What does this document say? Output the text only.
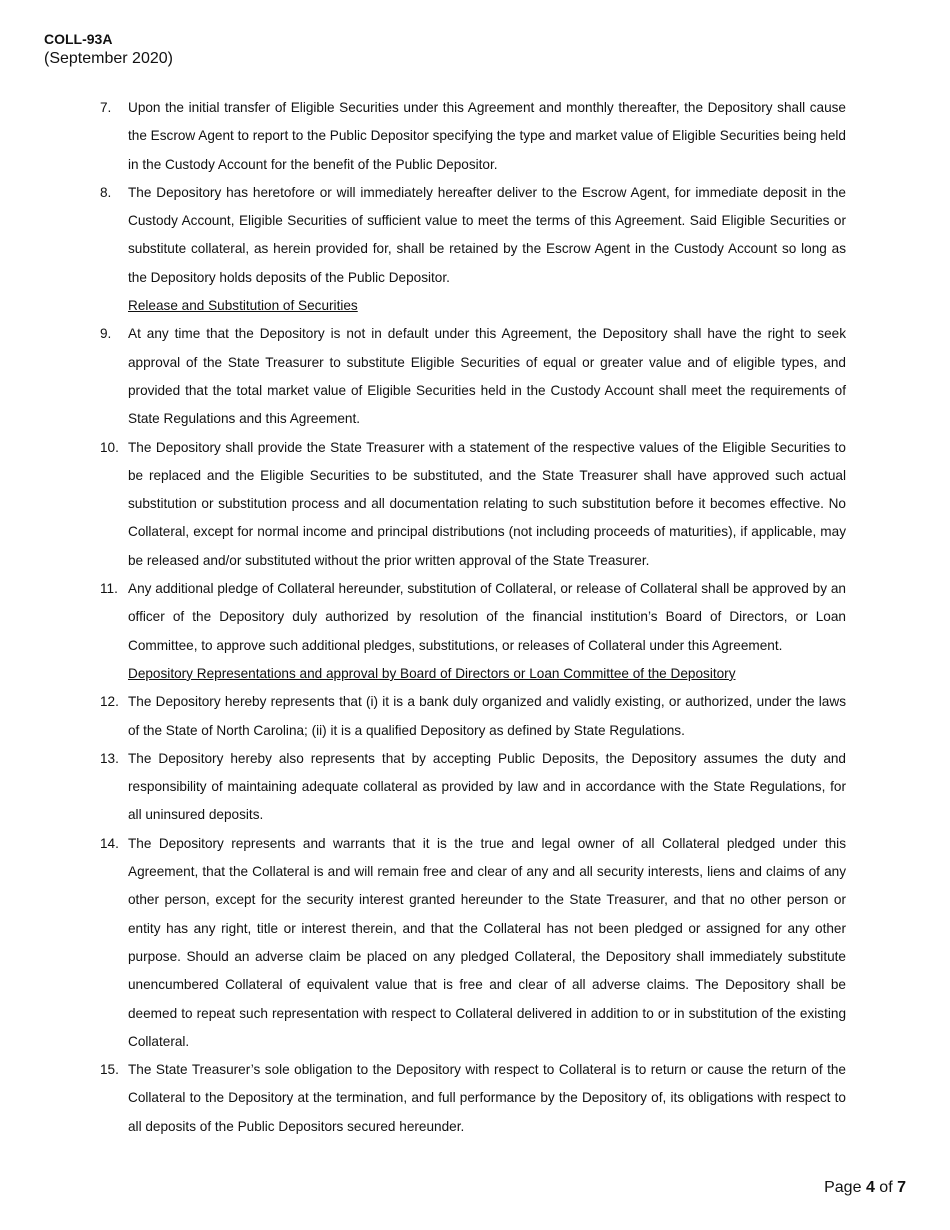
COLL-93A
(September 2020)
7.	Upon the initial transfer of Eligible Securities under this Agreement and monthly thereafter, the Depository shall cause the Escrow Agent to report to the Public Depositor specifying the type and market value of Eligible Securities being held in the Custody Account for the benefit of the Public Depositor.
8.	The Depository has heretofore or will immediately hereafter deliver to the Escrow Agent, for immediate deposit in the Custody Account, Eligible Securities of sufficient value to meet the terms of this Agreement. Said Eligible Securities or substitute collateral, as herein provided for, shall be retained by the Escrow Agent in the Custody Account so long as the Depository holds deposits of the Public Depositor.
Release and Substitution of Securities
9.	At any time that the Depository is not in default under this Agreement, the Depository shall have the right to seek approval of the State Treasurer to substitute Eligible Securities of equal or greater value and of eligible types, and provided that the total market value of Eligible Securities held in the Custody Account shall meet the requirements of State Regulations and this Agreement.
10. The Depository shall provide the State Treasurer with a statement of the respective values of the Eligible Securities to be replaced and the Eligible Securities to be substituted, and the State Treasurer shall have approved such actual substitution or substitution process and all documentation relating to such substitution before it becomes effective. No Collateral, except for normal income and principal distributions (not including proceeds of maturities), if applicable, may be released and/or substituted without the prior written approval of the State Treasurer.
11. Any additional pledge of Collateral hereunder, substitution of Collateral, or release of Collateral shall be approved by an officer of the Depository duly authorized by resolution of the financial institution’s Board of Directors, or Loan Committee, to approve such additional pledges, substitutions, or releases of Collateral under this Agreement.
Depository Representations and approval by Board of Directors or Loan Committee of the Depository
12. The Depository hereby represents that (i) it is a bank duly organized and validly existing, or authorized, under the laws of the State of North Carolina; (ii) it is a qualified Depository as defined by State Regulations.
13. The Depository hereby also represents that by accepting Public Deposits, the Depository assumes the duty and responsibility of maintaining adequate collateral as provided by law and in accordance with the State Regulations, for all uninsured deposits.
14. The Depository represents and warrants that it is the true and legal owner of all Collateral pledged under this Agreement, that the Collateral is and will remain free and clear of any and all security interests, liens and claims of any other person, except for the security interest granted hereunder to the State Treasurer, and that no other person or entity has any right, title or interest therein, and that the Collateral has not been pledged or assigned for any other purpose. Should an adverse claim be placed on any pledged Collateral, the Depository shall immediately substitute unencumbered Collateral of equivalent value that is free and clear of all adverse claims. The Depository shall be deemed to repeat such representation with respect to Collateral delivered in addition to or in substitution of the existing Collateral.
15. The State Treasurer’s sole obligation to the Depository with respect to Collateral is to return or cause the return of the Collateral to the Depository at the termination, and full performance by the Depository of, its obligations with respect to all deposits of the Public Depositors secured hereunder.
Page 4 of 7
